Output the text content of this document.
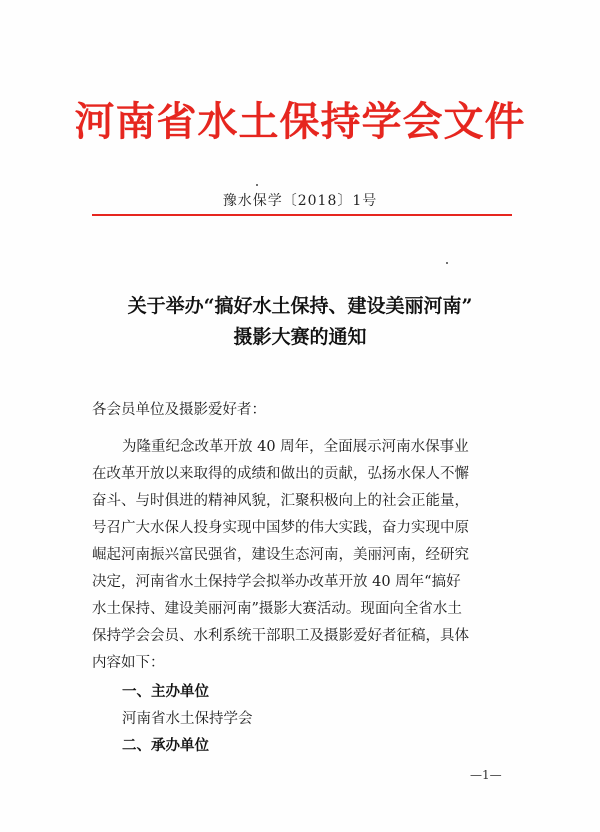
河南省水土保持学会文件
豫水保学〔2018〕1号
关于举办“搞好水土保持、建设美丽河南”
摄影大赛的通知
各会员单位及摄影爱好者：
为隆重纪念改革开放 40 周年，全面展示河南水保事业
在改革开放以来取得的成绩和做出的贡献，弘扬水保人不懈
奋斗、与时俱进的精神风貌，汇聚积极向上的社会正能量，
号召广大水保人投身实现中国梦的伟大实践，奋力实现中原
崛起河南振兴富民强省，建设生态河南，美丽河南，经研究
决定，河南省水土保持学会拟举办改革开放 40 周年“搞好
水土保持、建设美丽河南”摄影大赛活动。现面向全省水土
保持学会会员、水利系统干部职工及摄影爱好者征稿，具体
内容如下：
一、主办单位
河南省水土保持学会
二、承办单位
—1—
